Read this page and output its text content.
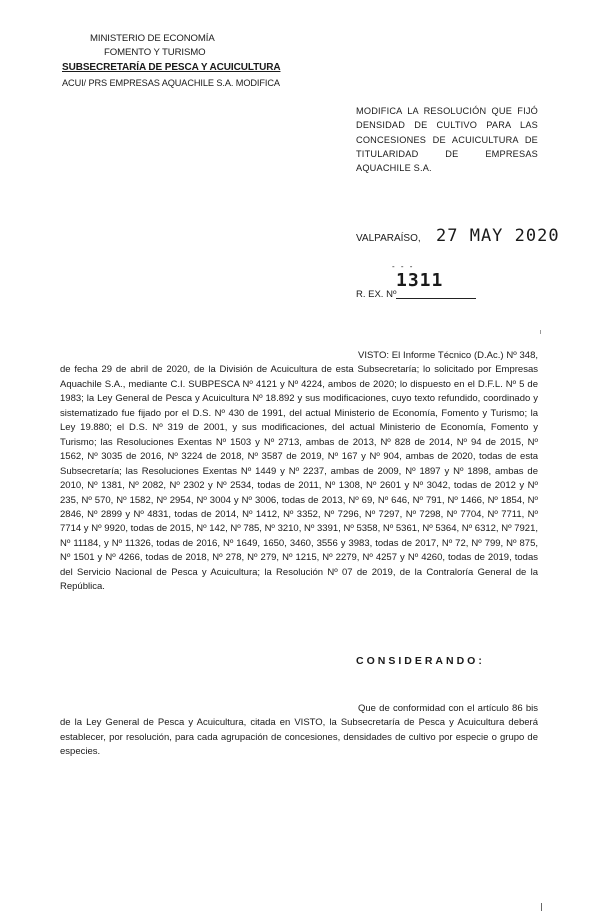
MINISTERIO DE ECONOMÍA
FOMENTO Y TURISMO
SUBSECRETARÍA DE PESCA Y ACUICULTURA
ACUI/ PRS EMPRESAS AQUACHILE S.A. MODIFICA
MODIFICA LA RESOLUCIÓN QUE FIJÓ DENSIDAD DE CULTIVO PARA LAS CONCESIONES DE ACUICULTURA DE TITULARIDAD DE EMPRESAS AQUACHILE S.A.
VALPARAÍSO, 27 MAY 2020
- - -
1311
R. EX. Nº
VISTO: El Informe Técnico (D.Ac.) Nº 348, de fecha 29 de abril de 2020, de la División de Acuicultura de esta Subsecretaría; lo solicitado por Empresas Aquachile S.A., mediante C.I. SUBPESCA Nº 4121 y Nº 4224, ambos de 2020; lo dispuesto en el D.F.L. Nº 5 de 1983; la Ley General de Pesca y Acuicultura Nº 18.892 y sus modificaciones, cuyo texto refundido, coordinado y sistematizado fue fijado por el D.S. Nº 430 de 1991, del actual Ministerio de Economía, Fomento y Turismo; la Ley 19.880; el D.S. Nº 319 de 2001, y sus modificaciones, del actual Ministerio de Economía, Fomento y Turismo; las Resoluciones Exentas Nº 1503 y Nº 2713, ambas de 2013, Nº 828 de 2014, Nº 94 de 2015, Nº 1562, Nº 3035 de 2016, Nº 3224 de 2018, Nº 3587 de 2019, Nº 167 y Nº 904, ambas de 2020, todas de esta Subsecretaría; las Resoluciones Exentas Nº 1449 y Nº 2237, ambas de 2009, Nº 1897 y Nº 1898, ambas de 2010, Nº 1381, Nº 2082, Nº 2302 y Nº 2534, todas de 2011, Nº 1308, Nº 2601 y Nº 3042, todas de 2012 y Nº 235, Nº 570, Nº 1582, Nº 2954, Nº 3004 y Nº 3006, todas de 2013, Nº 69, Nº 646, Nº 791, Nº 1466, Nº 1854, Nº 2846, Nº 2899 y Nº 4831, todas de 2014, Nº 1412, Nº 3352, Nº 7296, Nº 7297, Nº 7298, Nº 7704, Nº 7711, Nº 7714 y Nº 9920, todas de 2015, Nº 142, Nº 785, Nº 3210, Nº 3391, Nº 5358, Nº 5361, Nº 5364, Nº 6312, Nº 7921, Nº 11184, y Nº 11326, todas de 2016, Nº 1649, 1650, 3460, 3556 y 3983, todas de 2017, Nº 72, Nº 799, Nº 875, Nº 1501 y Nº 4266, todas de 2018, Nº 278, Nº 279, Nº 1215, Nº 2279, Nº 4257 y Nº 4260, todas de 2019, todas del Servicio Nacional de Pesca y Acuicultura; la Resolución Nº 07 de 2019, de la Contraloría General de la República.
CONSIDERANDO:
Que de conformidad con el artículo 86 bis de la Ley General de Pesca y Acuicultura, citada en VISTO, la Subsecretaría de Pesca y Acuicultura deberá establecer, por resolución, para cada agrupación de concesiones, densidades de cultivo por especie o grupo de especies.
